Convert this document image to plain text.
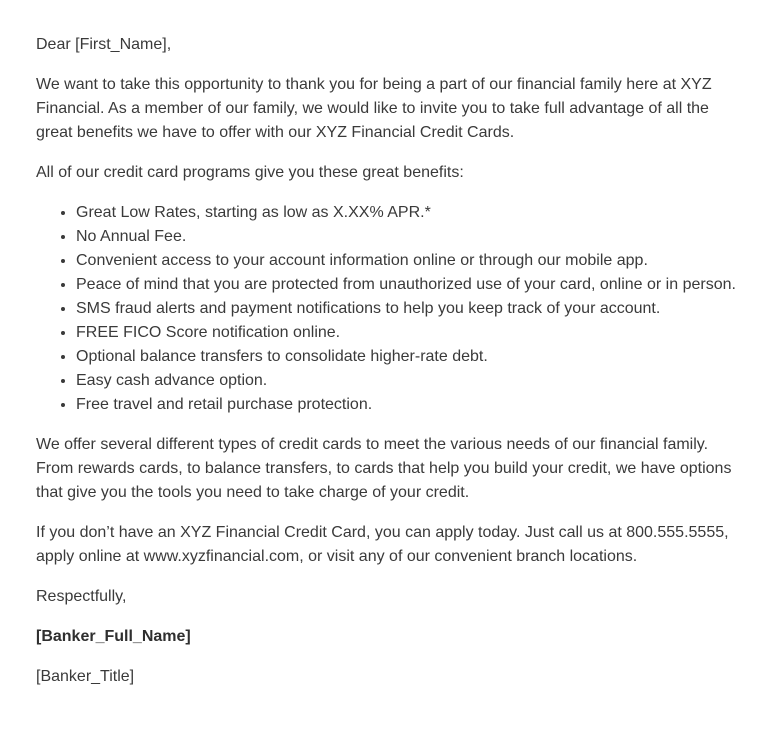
Dear [First_Name],

We want to take this opportunity to thank you for being a part of our financial family here at XYZ Financial. As a member of our family, we would like to invite you to take full advantage of all the great benefits we have to offer with our XYZ Financial Credit Cards.

All of our credit card programs give you these great benefits:

• Great Low Rates, starting as low as X.XX% APR.*
• No Annual Fee.
• Convenient access to your account information online or through our mobile app.
• Peace of mind that you are protected from unauthorized use of your card, online or in person.
• SMS fraud alerts and payment notifications to help you keep track of your account.
• FREE FICO Score notification online.
• Optional balance transfers to consolidate higher-rate debt.
• Easy cash advance option.
• Free travel and retail purchase protection.

We offer several different types of credit cards to meet the various needs of our financial family. From rewards cards, to balance transfers, to cards that help you build your credit, we have options that give you the tools you need to take charge of your credit.

If you don’t have an XYZ Financial Credit Card, you can apply today. Just call us at 800.555.5555, apply online at www.xyzfinancial.com, or visit any of our convenient branch locations.

Respectfully,

[Banker_Full_Name]

[Banker_Title]
